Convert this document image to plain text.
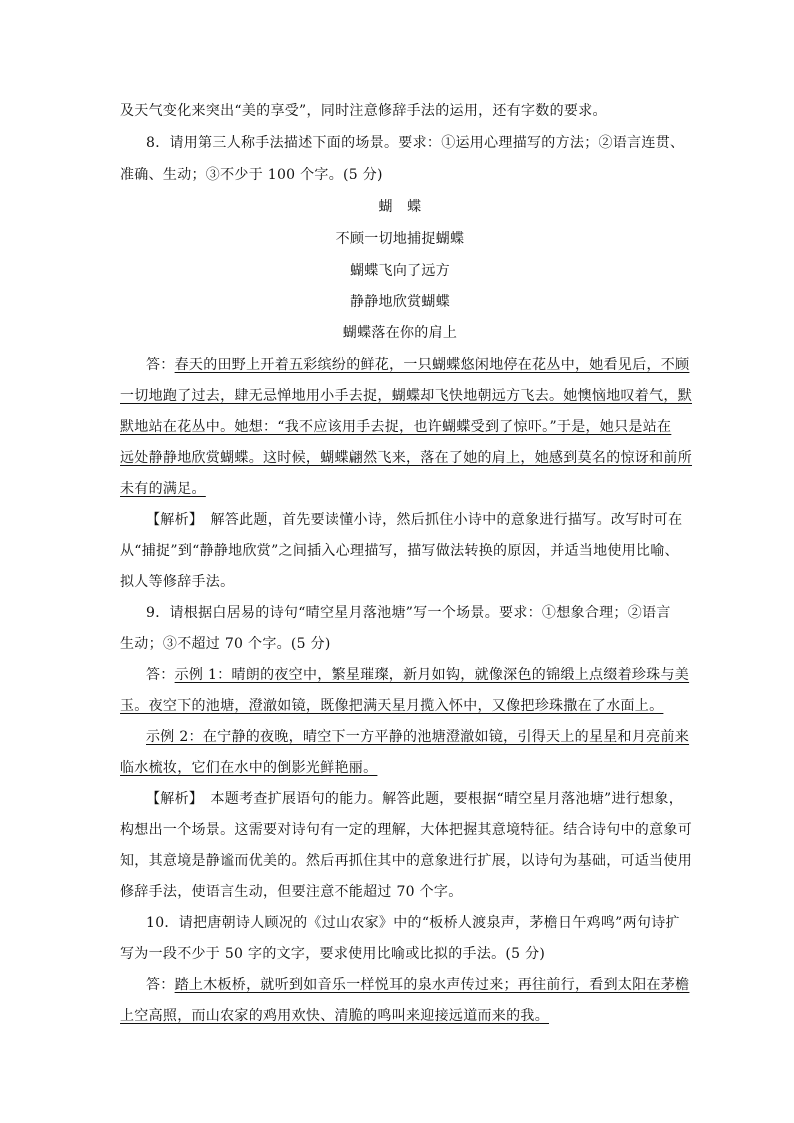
及天气变化来突出“美的享受”，同时注意修辞手法的运用，还有字数的要求。
8．请用第三人称手法描述下面的场景。要求：①运用心理描写的方法；②语言连贯、
准确、生动；③不少于 100 个字。(5 分)
蝴　蝶
不顾一切地捕捉蝴蝶
蝴蝶飞向了远方
静静地欣赏蝴蝶
蝴蝶落在你的肩上
答：春天的田野上开着五彩缤纷的鲜花，一只蝴蝶悠闲地停在花丛中，她看见后，不顾
一切地跑了过去，肆无忌惮地用小手去捉，蝴蝶却飞快地朝远方飞去。她懊恼地叹着气，默
默地站在花丛中。她想：“我不应该用手去捉，也许蝴蝶受到了惊吓。”于是，她只是站在
远处静静地欣赏蝴蝶。这时候，蝴蝶翩然飞来，落在了她的肩上，她感到莫名的惊讶和前所
未有的满足。
【解析】　解答此题，首先要读懂小诗，然后抓住小诗中的意象进行描写。改写时可在
从“捕捉”到“静静地欣赏”之间插入心理描写，描写做法转换的原因，并适当地使用比喻、
拟人等修辞手法。
9．请根据白居易的诗句“晴空星月落池塘”写一个场景。要求：①想象合理；②语言
生动；③不超过 70 个字。(5 分)
答：示例 1：晴朗的夜空中，繁星璀璨，新月如钩，就像深色的锦缎上点缀着珍珠与美
玉。夜空下的池塘，澄澈如镜，既像把满天星月揽入怀中，又像把珍珠撒在了水面上。
示例 2：在宁静的夜晚，晴空下一方平静的池塘澄澈如镜，引得天上的星星和月亮前来
临水梳妆，它们在水中的倒影光鲜艳丽。
【解析】　本题考查扩展语句的能力。解答此题，要根据“晴空星月落池塘”进行想象，
构想出一个场景。这需要对诗句有一定的理解，大体把握其意境特征。结合诗句中的意象可
知，其意境是静谧而优美的。然后再抓住其中的意象进行扩展，以诗句为基础，可适当使用
修辞手法，使语言生动，但要注意不能超过 70 个字。
10．请把唐朝诗人顾况的《过山农家》中的“板桥人渡泉声，茅檐日午鸡鸣”两句诗扩
写为一段不少于 50 字的文字，要求使用比喻或比拟的手法。(5 分)
答：踏上木板桥，就听到如音乐一样悦耳的泉水声传过来；再往前行，看到太阳在茅檐
上空高照，而山农家的鸡用欢快、清脆的鸣叫来迎接远道而来的我。
